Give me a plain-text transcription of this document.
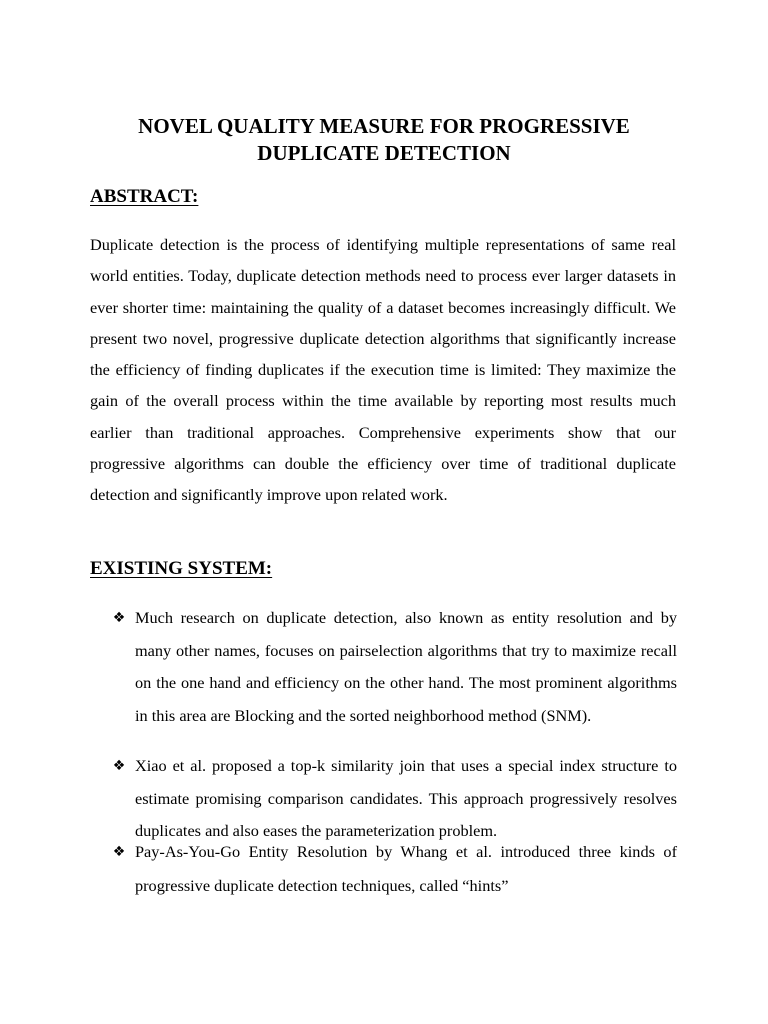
NOVEL QUALITY MEASURE FOR PROGRESSIVE
DUPLICATE DETECTION
ABSTRACT:

Duplicate detection is the process of identifying multiple representations of same real world entities. Today, duplicate detection methods need to process ever larger datasets in ever shorter time: maintaining the quality of a dataset becomes increasingly difficult. We present two novel, progressive duplicate detection algorithms that significantly increase the efficiency of finding duplicates if the execution time is limited: They maximize the gain of the overall process within the time available by reporting most results much earlier than traditional approaches. Comprehensive experiments show that our progressive algorithms can double the efficiency over time of traditional duplicate detection and significantly improve upon related work.

EXISTING SYSTEM:
❖ Much research on duplicate detection, also known as entity resolution and by many other names, focuses on pairselection algorithms that try to maximize recall on the one hand and efficiency on the other hand. The most prominent algorithms in this area are Blocking and the sorted neighborhood method (SNM).
❖ Xiao et al. proposed a top-k similarity join that uses a special index structure to estimate promising comparison candidates. This approach progressively resolves duplicates and also eases the parameterization problem.
❖ Pay-As-You-Go Entity Resolution by Whang et al. introduced three kinds of progressive duplicate detection techniques, called “hints”
